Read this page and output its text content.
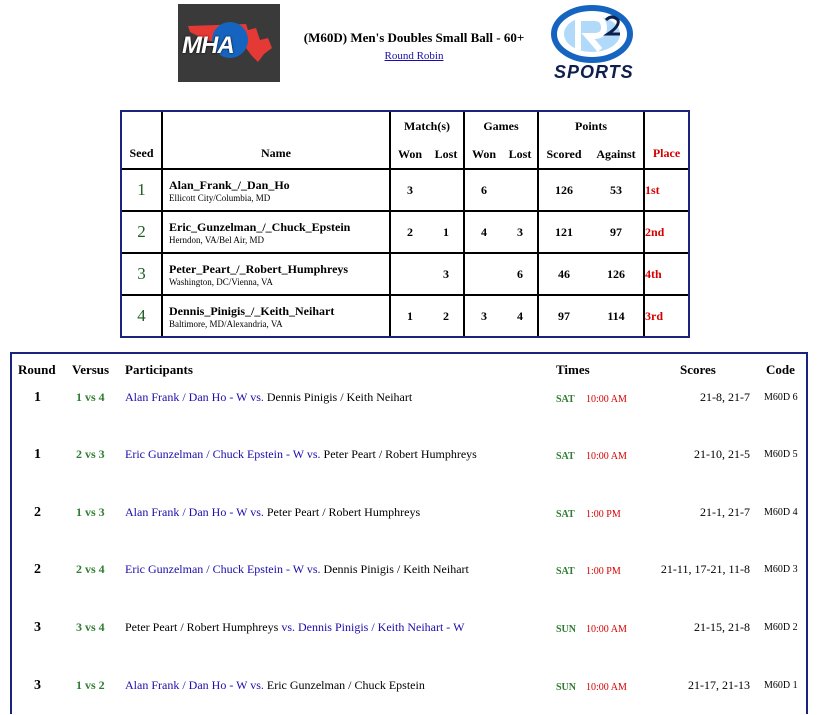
MHA	(M60D) Men's Doubles Small Ball - 60+
Round Robin
SPORTS
Seed	Name	Match(s)		Games		Points		Place

		Won	Lost	Won	Lost	Scored	Against	
1	Alan_Frank_/_Dan_Ho
Ellicott City/Columbia, MD	3		6		126	53	1st
2	Eric_Gunzelman_/_Chuck_Epstein
Herndon, VA/Bel Air, MD	2	1	4	3	121	97	2nd
3	Peter_Peart_/_Robert_Humphreys
Washington, DC/Vienna, VA		3		6	46	126	4th
4	Dennis_Pinigis_/_Keith_Neihart
Baltimore, MD/Alexandria, VA	1	2	3	4	97	114	3rd
Round Versus Participants	Times	Scores	Code
1	1 vs 4 Alan Frank / Dan Ho - W vs. Dennis Pinigis / Keith Neihart	SAT 10:00 AM	21-8, 21-7 M60D 6
1	2 vs 3 Eric Gunzelman / Chuck Epstein - W vs. Peter Peart / Robert Humphreys	SAT 10:00 AM	21-10, 21-5 M60D 5
2	1 vs 3 Alan Frank / Dan Ho - W vs. Peter Peart / Robert Humphreys	SAT 1:00 PM	21-1, 21-7 M60D 4
2	2 vs 4 Eric Gunzelman / Chuck Epstein - W vs. Dennis Pinigis / Keith Neihart	SAT 1:00 PM	21-11, 17-21, 11-8 M60D 3
3	3 vs 4 Peter Peart / Robert Humphreys vs. Dennis Pinigis / Keith Neihart - W	SUN 10:00 AM	21-15, 21-8 M60D 2
3	1 vs 2 Alan Frank / Dan Ho - W vs. Eric Gunzelman / Chuck Epstein	SUN 10:00 AM	21-17, 21-13 M60D 1
